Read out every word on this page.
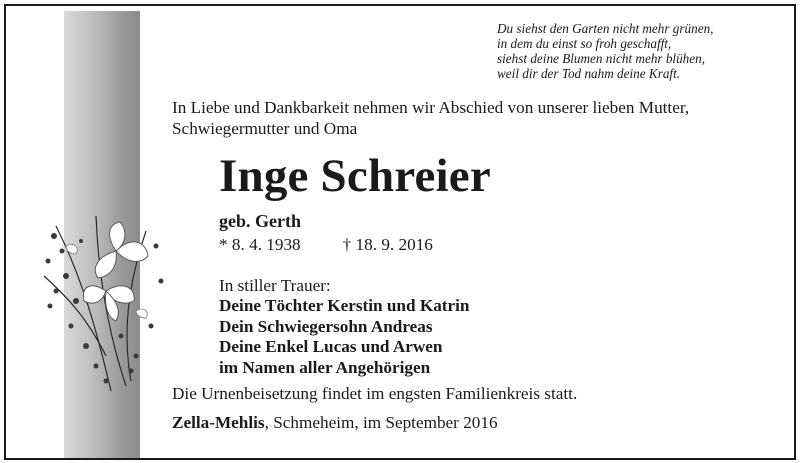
Du siehst den Garten nicht mehr grünen,
in dem du einst so froh geschafft,
siehst deine Blumen nicht mehr blühen,
weil dir der Tod nahm deine Kraft.
In Liebe und Dankbarkeit nehmen wir Abschied von unserer lieben Mutter,
Schwiegermutter und Oma
Inge Schreier
geb. Gerth
* 8. 4. 1938 † 18. 9. 2016
In stiller Trauer:
Deine Töchter Kerstin und Katrin
Dein Schwiegersohn Andreas
Deine Enkel Lucas und Arwen
im Namen aller Angehörigen
Die Urnenbeisetzung findet im engsten Familienkreis statt.
Zella-Mehlis, Schmeheim, im September 2016
